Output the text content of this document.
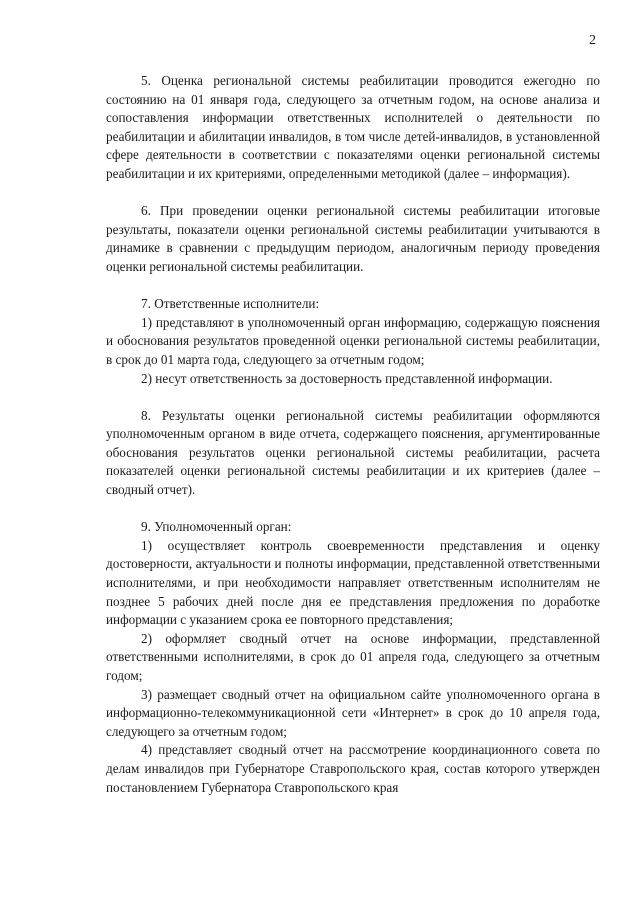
2

5. Оценка региональной системы реабилитации проводится ежегодно по состоянию на 01 января года, следующего за отчетным годом, на основе анализа и сопоставления информации ответственных исполнителей о деятельности по реабилитации и абилитации инвалидов, в том числе детей-инвалидов, в установленной сфере деятельности в соответствии с показателями оценки региональной системы реабилитации и их критериями, определенными методикой (далее – информация).

6. При проведении оценки региональной системы реабилитации итоговые результаты, показатели оценки региональной системы реабилитации учитываются в динамике в сравнении с предыдущим периодом, аналогичным периоду проведения оценки региональной системы реабилитации.

7. Ответственные исполнители:

1) представляют в уполномоченный орган информацию, содержащую пояснения и обоснования результатов проведенной оценки региональной системы реабилитации, в срок до 01 марта года, следующего за отчетным годом;

2) несут ответственность за достоверность представленной информации.

8. Результаты оценки региональной системы реабилитации оформляются уполномоченным органом в виде отчета, содержащего пояснения, аргументированные обоснования результатов оценки региональной системы реабилитации, расчета показателей оценки региональной системы реабилитации и их критериев (далее – сводный отчет).

9. Уполномоченный орган:

1) осуществляет контроль своевременности представления и оценку достоверности, актуальности и полноты информации, представленной ответственными исполнителями, и при необходимости направляет ответственным исполнителям не позднее 5 рабочих дней после дня ее представления предложения по доработке информации с указанием срока ее повторного представления;

2) оформляет сводный отчет на основе информации, представленной ответственными исполнителями, в срок до 01 апреля года, следующего за отчетным годом;

3) размещает сводный отчет на официальном сайте уполномоченного органа в информационно-телекоммуникационной сети «Интернет» в срок до 10 апреля года, следующего за отчетным годом;

4) представляет сводный отчет на рассмотрение координационного совета по делам инвалидов при Губернаторе Ставропольского края, состав которого утвержден постановлением Губернатора Ставропольского края
